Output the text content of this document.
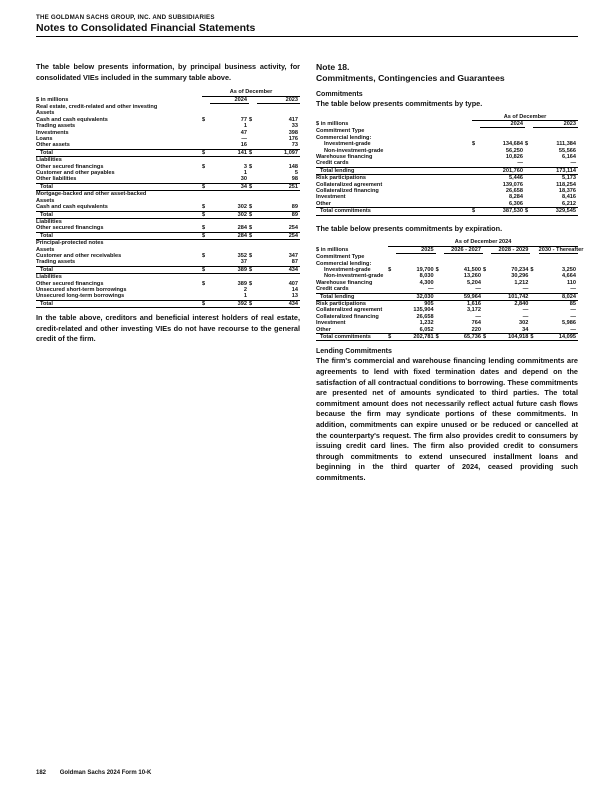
THE GOLDMAN SACHS GROUP, INC. AND SUBSIDIARIES
Notes to Consolidated Financial Statements

The table below presents information, by principal business activity, for consolidated VIEs included in the summary table above.

	As of December			
$ in millions		2024		2023
Real estate, credit-related and other investing				
Assets				
Cash and cash equivalents	$	77	$	417
Trading assets		1		33
Investments		47		398
Loans		—		176
Other assets		16		73
Total	$	141	$	1,097
Liabilities				
Other secured financings	$	3	$	148
Customer and other payables		1		5
Other liabilities		30		98
Total	$	34	$	251
Mortgage-backed and other asset-backed				
Assets				
Cash and cash equivalents	$	302	$	89
Total	$	302	$	89
Liabilities				
Other secured financings	$	284	$	254
Total	$	284	$	254
Principal-protected notes				
Assets				
Customer and other receivables	$	352	$	347
Trading assets		37		87
Total	$	389	$	434
Liabilities				
Other secured financings	$	389	$	407
Unsecured short-term borrowings		2		14
Unsecured long-term borrowings		1		13
Total	$	392	$	434

In the table above, creditors and beneficial interest holders of real estate, credit-related and other investing VIEs do not have recourse to the general credit of the firm.

Note 18.

Commitments, Contingencies and Guarantees

Commitments

The table below presents commitments by type.

	As of December			
$ in millions		2024		2023
Commitment Type				
Commercial lending:				
Investment-grade	$	134,684	$	111,384
Non-investment-grade		56,250		55,566
Warehouse financing		10,826		6,164
Credit cards		—		—
Total lending		201,760		173,114
Risk participations		5,446		5,173
Collateralized agreement		139,076		118,254
Collateralized financing		26,658		18,376
Investment		8,284		8,416
Other		6,306		6,212
Total commitments	$	387,530	$	329,545

The table below presents commitments by expiration.

	As of December 2024							
$ in millions		2025		2026 - 2027		2028 - 2029		2030 - Thereafter
Commitment Type								
Commercial lending:								
Investment-grade	$	19,700	$	41,500	$	70,234	$	3,250
Non-investment-grade		8,030		13,260		30,296		4,664
Warehouse financing		4,300		5,204		1,212		110
Credit cards		—		—		—		—
Total lending		32,030		59,964		101,742		8,024
Risk participations		905		1,616		2,840		85
Collateralized agreement		135,904		3,172		—		—
Collateralized financing		26,658		—		—		—
Investment		1,232		764		302		5,986
Other		6,052		220		34		—
Total commitments	$	202,781	$	65,736	$	104,918	$	14,095

Lending Commitments

The firm's commercial and warehouse financing lending commitments are agreements to lend with fixed termination dates and depend on the satisfaction of all contractual conditions to borrowing. These commitments are presented net of amounts syndicated to third parties. The total commitment amount does not necessarily reflect actual future cash flows because the firm may syndicate portions of these commitments. In addition, commitments can expire unused or be reduced or cancelled at the counterparty's request. The firm also provides credit to consumers by issuing credit card lines. The firm also provided credit to consumers through commitments to extend unsecured installment loans and beginning in the third quarter of 2024, ceased providing such commitments.

182 Goldman Sachs 2024 Form 10-K
